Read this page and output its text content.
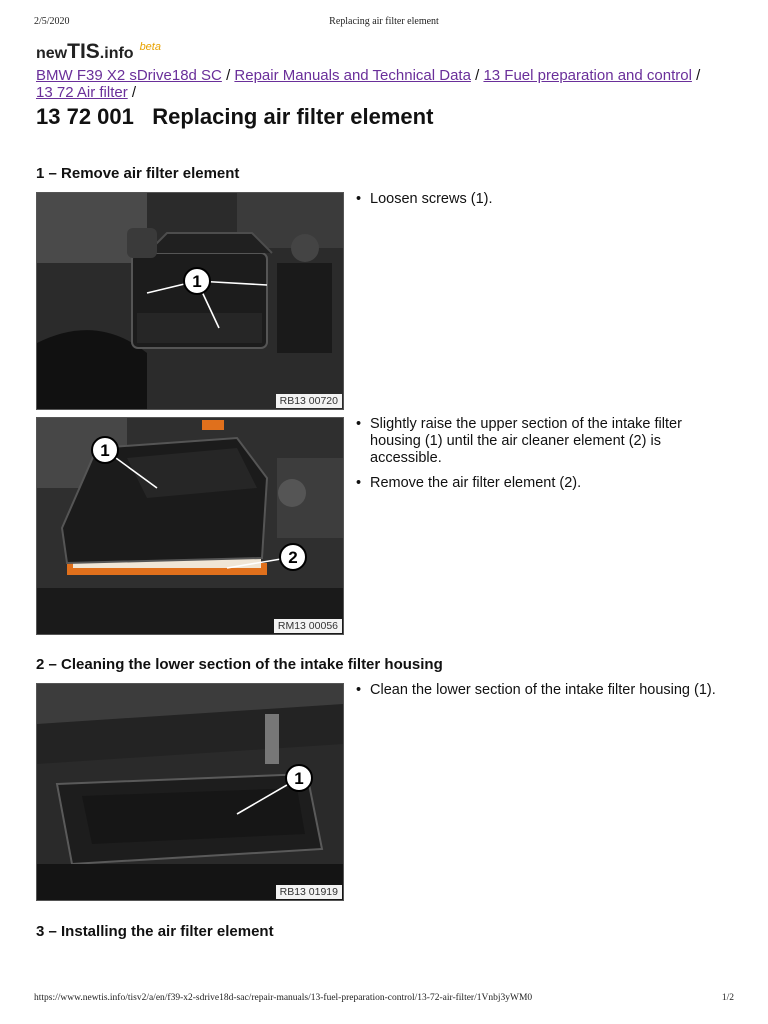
2/5/2020	Replacing air filter element
newTIS.info $^{beta}$
BMW F39 X2 sDrive18d SC / Repair Manuals and Technical Data / 13 Fuel preparation and control /
13 72 Air filter /
13 72 001   Replacing air filter element
1 – Remove air filter element
1
RB13 00720
• Loosen screws (1).
1
2
RM13 00056
• Slightly raise the upper section of the intake filter housing (1) until the air cleaner element (2) is accessible.
• Remove the air filter element (2).
2 – Cleaning the lower section of the intake filter housing
1
RB13 01919
• Clean the lower section of the intake filter housing (1).
3 – Installing the air filter element
https://www.newtis.info/tisv2/a/en/f39-x2-sdrive18d-sac/repair-manuals/13-fuel-preparation-control/13-72-air-filter/1Vnbj3yWM0	1/2
